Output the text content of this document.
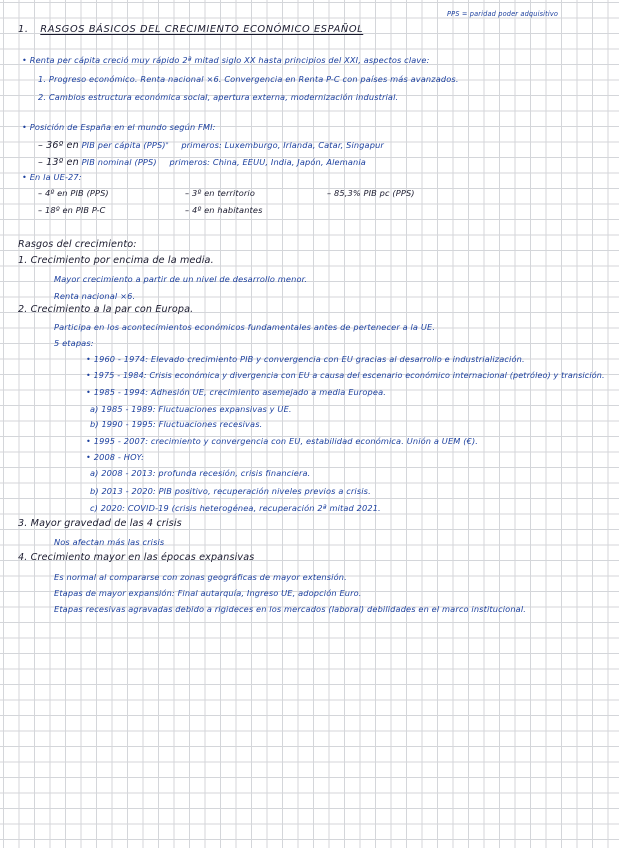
PPS = paridad poder adquisitivo
1. RASGOS BÁSICOS DEL CRECIMIENTO ECONÓMICO ESPAÑOL
• Renta per cápita creció muy rápido 2ª mitad siglo XX hasta principios del XXI, aspectos clave:
1. Progreso económico. Renta nacional ×6. Convergencia en Renta P-C con países más avanzados.
2. Cambios estructura económica social, apertura externa, modernización industrial.
• Posición de España en el mundo según FMI:
– 36º en PIB per cápita (PPS)* primeros: Luxemburgo, Irlanda, Catar, Singapur
– 13º en PIB nominal (PPS) primeros: China, EEUU, India, Japón, Alemania
• En la UE-27:
– 4º en PIB (PPS)
– 18º en PIB P-C
– 3º en territorio
– 4º en habitantes
– 85,3% PIB pc (PPS)
Rasgos del crecimiento:
1. Crecimiento por encima de la media.
Mayor crecimiento a partir de un nivel de desarrollo menor.
Renta nacional ×6.
2. Crecimiento a la par con Europa.
Participa en los acontecimientos económicos fundamentales antes de pertenecer a la UE.
5 etapas:
• 1960 - 1974: Elevado crecimiento PIB y convergencia con EU gracias al desarrollo e industrialización.
• 1975 - 1984: Crisis económica y divergencia con EU a causa del escenario económico internacional (petróleo) y transición.
• 1985 - 1994: Adhesión UE, crecimiento asemejado a media Europea.
a) 1985 - 1989: Fluctuaciones expansivas y UE.
b) 1990 - 1995: Fluctuaciones recesivas.
• 1995 - 2007: crecimiento y convergencia con EU, estabilidad económica. Unión a UEM (€).
• 2008 - HOY:
a) 2008 - 2013: profunda recesión, crisis financiera.
b) 2013 - 2020: PIB positivo, recuperación niveles previos a crisis.
c) 2020: COVID-19 (crisis heterogénea, recuperación 2ª mitad 2021.
3. Mayor gravedad de las 4 crisis
Nos afectan más las crisis
4. Crecimiento mayor en las épocas expansivas
Es normal al compararse con zonas geográficas de mayor extensión.
Etapas de mayor expansión: Final autarquía, Ingreso UE, adopción Euro.
Etapas recesivas agravadas debido a rigideces en los mercados (laboral) debilidades en el marco institucional.
